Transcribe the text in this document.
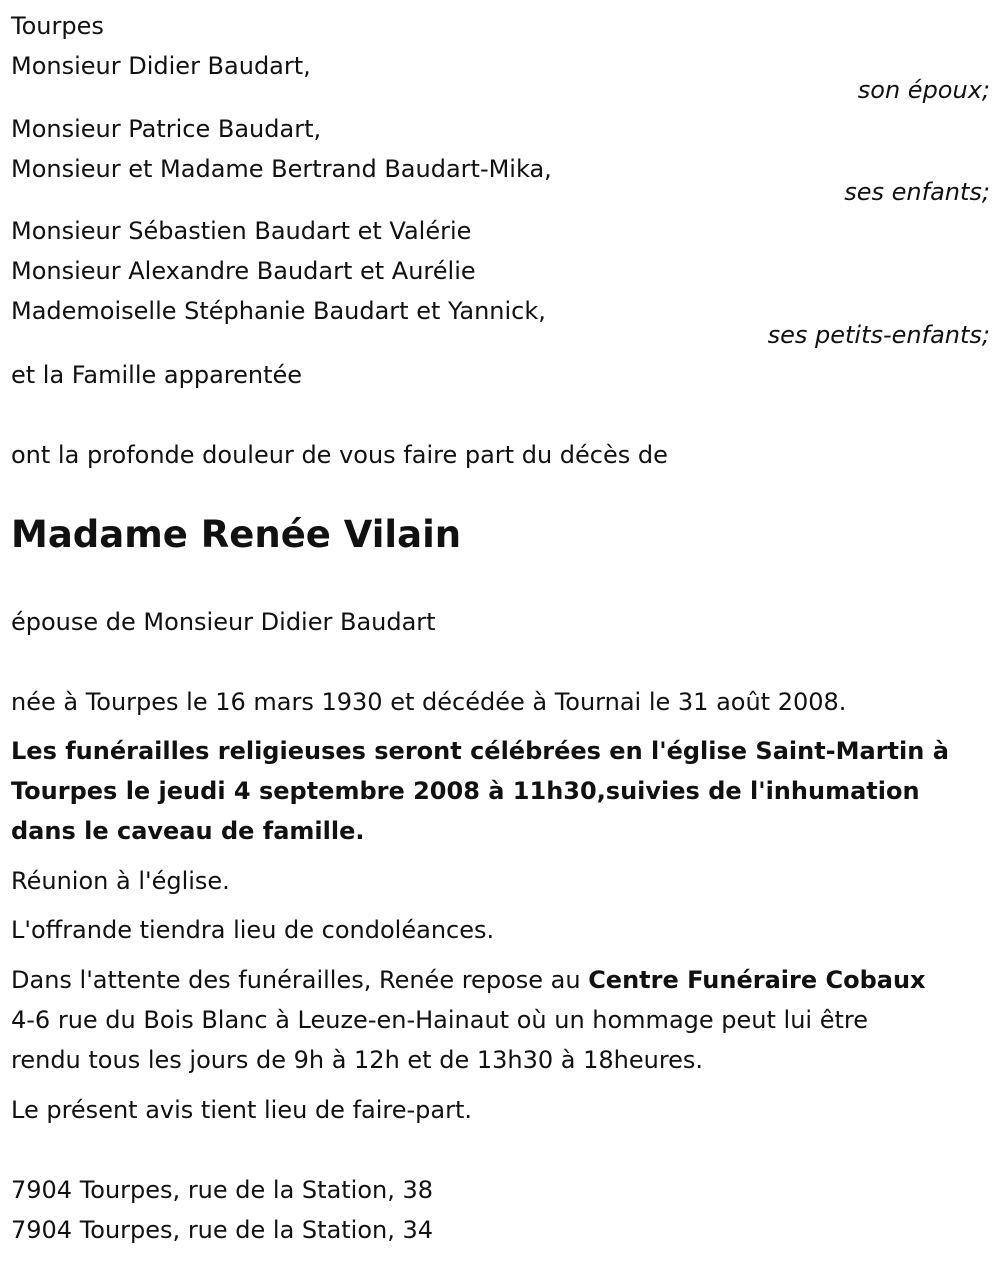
Tourpes
Monsieur Didier Baudart,
son époux;
Monsieur Patrice Baudart,
Monsieur et Madame Bertrand Baudart-Mika,
ses enfants;
Monsieur Sébastien Baudart et Valérie
Monsieur Alexandre Baudart et Aurélie
Mademoiselle Stéphanie Baudart et Yannick,
ses petits-enfants;
et la Famille apparentée
ont la profonde douleur de vous faire part du décès de
Madame Renée Vilain
épouse de Monsieur Didier Baudart
née à Tourpes le 16 mars 1930 et décédée à Tournai le 31 août 2008.
Les funérailles religieuses seront célébrées en l'église Saint-Martin à
Tourpes le jeudi 4 septembre 2008 à 11h30,suivies de l'inhumation
dans le caveau de famille.
Réunion à l'église.
L'offrande tiendra lieu de condoléances.
Dans l'attente des funérailles, Renée repose au Centre Funéraire Cobaux
4-6 rue du Bois Blanc à Leuze-en-Hainaut où un hommage peut lui être
rendu tous les jours de 9h à 12h et de 13h30 à 18heures.
Le présent avis tient lieu de faire-part.
7904 Tourpes, rue de la Station, 38
7904 Tourpes, rue de la Station, 34
